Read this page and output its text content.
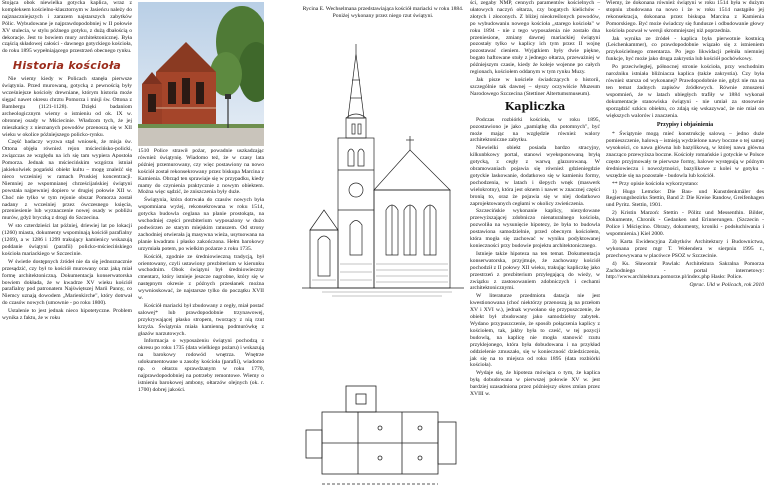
Stojąca obok niewielka gotycka kaplica, wraz z kompleksem kościelno-klasztornym w Jasieńcu należy do najznaczniejszych i zarazem najstarszych zabytków Pólic. Wybudowane je najprawdopodobniej w II połowie XV stulecia, w stylu późnego gotyku, z dużą dbałością o dekoracje. Jest to bowiem mury architektonicznej. Była cząścią składowej całości - dawnego gotyckiego kościoła, do roku 1895 wypełniającego przestrzeń obecnego rynku.

Historia kościoła

Nie wiemy kiedy w Policach stanęła pierwsze świątynia. Przed murowaną, gotycką z pewnością były wcześniejsze kościoły drewniane, którym historia może sięgać nawet okresu chrztu Pomorza i misji św. Ottona z Bambergu (1121-1128). Dzięki badaniom archeologicznym wiemy o istnieniu od ok. IX w. obronnej osady w Mściecinie. Władzom tych, że jej mieszkańcy z nieznanych powodów przenoszą się w XII wieku w okolice późniejszego policko-rynku.

Część badaczy wyzwa stąd wniosek, że misja św. Ottona objęła również rejon mściecińsko-policki, związczas ze względu na ich się tam wypiera Apostoła Pomorza. Jednak na mściecińskim wzgórzu istniał jakiekolwiek pogański obiekt kultu – mogę znaleźć się nieco wcześniej w ramach Pruskiej koncentracji. Niemniej ze wspomnianej chrześcijańskiej świątyni powstała najpewniej dopiero w drugiej połowie XII w. Choć nie tylko w tym rejonie obszar Pomorza został nadany z wcześniej przez ówczesnego księcia, przeniesienie lub wyznaczenie nowej osady w pobliżu murów, gdyż bryczką z drogi do Szczecina.

W sto czterdzieści lat później, driewiej lat po lokacji (1260) miasta, dokumenty wspominają kościół parafialny (1269), a w 1286 i 1299 trakujący kamienicy wskazują poddanie świątyni (parafii) policko-mściecińskiego kościoła mariackiego w Szczecinie.

W świetle dostępnych źródeł nie da się jednoznacznie przesądzić, czy był to kościół murowany oraz jaką miał formę architektoniczną. Dokumentacja konserwatorska bowiem dokłada, że w kwadrze XV wieku kościół parafialny pod patronatem Najświętszej Marii Panny, co Niemcy uznają dowodem „Marienkirche", który dotrwał do czasów nowych (umownie - po roku 1800).

Ustalenie to jest jednak nieco hipotetyczne. Problem wynika z faktu, że w roku

1510 Police strawił pożar, powadnie uszkadzając również świątynię. Wiadomo też, że w czasy lata później przemurowany, czy więc postawiony na nowo kościół został rekonsekrowany przez biskupa Marcina z Kamienia. Obrząd ten sprawiaje się w przypadku, kiedy mamy do czynienia praktycznie z nowym obiektem. Można więc sądzić, że zniszczenia były duże.

Świątynia, która dotrwała do czasów nowych była wspomniana wyżej, rekonsekrowana w roku 1514, gotycka budowla ceglana na planie prostokąta, na wschodniej części prezbiterium wyposażony w dużo podwórzen ze starym miejskim ratuszem. Od strony zachodniej otwierała ją masywna wieża, usytuowana na planie kwadratu i płasko zakończona. Hełm barokowy urzymiała potem, po wielkim pożarze z roku 1735.

Kościół, zgodnie ze średniowieczną tradycją, był orientowany, czyli ustawiony prezbiterium w kierunku wschodnim. Obok świątyni był średniowieczny cmentarz, który istnieje jeszcze nagrobne, który się w następnym okresie z późnych przesłanek można wywnioskować, że najstarsze tylko do początku XVII w.

Kościół mariacki był zbudowany z cegły, miał postać salowej* lub prawdopodobnie trzynawowej, przykrywającej płasko stropem, tworzący z nią rzut krzyża. Świątynia miała kamienną podmurówkę z głazów narzutowych.

Informacja o wyposażeniu świątyni pochodzą z okresu po roku 1735 (data wielkiego pożaru) i wskazują na barokowy rodowód wnętrza. Wnętrze udokumentowane u zasoby kościoła (parafii), wiadomo np. o ołtarzu sprawdzanym w roku 1770, najprawdopodobniej na potrzeby remontowe. Wiemy o istnieniu barokowej ambony, ołtarzów olejnych (ok. r. 1700) dobrej jakości.

Rycina E. Wechselmana przedstawiająca kościół mariacki w roku 1884. Poniżej wykonany przez niego rzut świątyni.

ści, zegaby NMP, cennych paramentów kościelnych – ułatowych naczyń ołtarza, czy bogatych kielichów - złotych i złoconych. Z bliżej nieokreślonych powodów, po wybudowaniu nowego kościoła „starego kościoła" w roku 1894 - nie z tego wyposażenia nie zostało dna przeniesione, zmiany dawnej mariackiej świątyni pozostały tylko w kaplicy ich tym przez II wojnę pozostawać cieniem. Wyjątkiem były dwie piękne, bogato haftowane stuły z jednego ołtarza, przeważniej w późniejszym czasie, kiedy że koleje wojenne po całych regionach, kościołem oddanym w tym rynku Muzy.

Jak pisze w kościele świadczących o historii, szczególnie tak dawnej – słyszy oczywiście Muzeum Narodowego Szczecina (Stettiner Altertumsmuseum).

Kapliczka

Podczas rozbiórki kościoła, w roku 1895, pozostawiono je jako „pamiątkę dla potomnych", być może mając na względzie również walory architektoniczne zabytku.

Niewielki obiekt posiada bardzo stracyjny, kilkunbkowy portal, stanowi wyeksponowaną bryłą gotycką, z cegły z warwą glazurowaną. W obramowaniach pojawia się również gdzieniegdzie gotyckie laskowanie, dodatkowo się w kamieniu formy, pochodzenia, w latach i ślepych wnęk (maswerk wielokrotny), która jest oknem i nawet w znacznej części bronią to, oraz że pojawia się w niej dodatkowo zaprojektowanych cegłami w okolicy zwieńczenia.

Szczecińskie wykonanie kaplicy, niezydowane przewyższającej zdobniczo nienaturalnego kościoła, pozwoliła na wysunięcie hipotezy, że była to budowla postawiona samodzielnie, przed obecnym kościołem, która mogła się zachować w wyniku podyktowanej konieczności przy budowie projektu architektonicznego.

Istnieje także hipoteza na ten temat. Dokumentacja konserwatorska, przyjmuje, że zachowany kościół pochodził z II połowy XII wieku, trakując kapliczkę jako przestrzeń z prezbiterium przylegającą do wieży, w związku z zastosowaniem zdobniczych i cechami architektonicznymi.

W literaturze przedmiotu datacja nie jest kwestionowana (choć niektórzy przenoszą ją na przełom XV i XVI w.), jednak wywołano się przypuszczenie, że obiekt był zbudowany jako samodzielny zabytek. Wydano przypuszczenie, że sposób połączenia kaplicy z kościołem, tak, jakby była to cześć, w tej pozycji budowlą, na kaplicę nie mogła stanowić rzutu przyklejonego, która była dobudowana i na przykład oddzielenie zmuszało, się w konieczność dziedziczenia, jak się na to miejsca od roku 1895 (data rozbiórki kościoła).

Wydaje się, że hipoteza mówiąca o tym, że kaplica byłą dobudowana w pierwszej połowie XV w. jest bardziej uzasadniona przez późniejszy okres zmian przez XVIII w.

Wiemy, że dokonana również świątyni w roku 1514 była w dużym stopniu zbudowana na nowo i że w roku 1514 nastąpiło jej rekonsekracja, dokonana przez biskupa Marcina z Kamienia Pomorskiego. Być może świadczy się fundusze i odbudowanie głowy kościoła pozwał w wersji skromniejszej niż poprzednia.

Jak wynika ze źródeł - kaplica była pierwotnie kostnicą (Leichenkammer), co prawdopodobnie wiązało się z istnieniem przykościelnego cmentarza. Po jego likwidacji pełniła niemniej funkcje, być może jako druga zakrystia lub kościół pochówkowy.

Po przeciwległej, północnej stronie kościoła, przy wschodnim narożniku istniała bliźniacza kaplica (także zakrystia). Czy była również starsza od wykonanej? Prawdopodobnie nie, gdyż nie ma na ten temat żadnych zapisów źródłowych. Równie zmuszeni wspomnień, że w latach ubiegłych trafiły w 1884 wykonał dokumentacje stanowiska świątyni - nie umiał za stosownie sporządzić szkicu obiektu, co zdają się wskazywać, że nie miał on większych walorów i znaczenia.

Przypisy i objaśnienia

* Świątynie mogą mieć konstrukcję salową – jedno duże pomieszczenie, halową – istnieją wydzielone nawy boczne o tej samej wysokości, co nawa główna lub bazylikową, w której nawa główna znacząco przewyższa boczne. Kościoły romańskie i gotyckie w Polsce często przyjmowały te pierwsze formy, halowe występują w późnym średniowieczu i nowożytności, bazylikowe z kolei w gotyku - wszędzie się na pozostałe - budowla lub kościół.

** Przy opisie kościoła wykorzystano:

1) Hugo Lemcke: Die Bau- und Kunstdenkmäler des Regierungsbezirks Stettin, Band 2: Die Kreise Randow, Greifenhagen und Pyritz. Stettin, 1901.

2) Kristin Marzoń: Stettin - Pölitz und Messenthin. Bilder, Dokumente, Chronik - Gedanken und Erinnerungen. (Szczecin - Police i Mścięcino. Obrazy, dokumenty, kroniki - podsłuchiwania i wspomnienia.) Kiel 2000.

3) Karta Ewidencyjna Zabytków Architektury i Budownictwa, wykonana przez mgr T. Wołendera w sierpniu 1995 r., przechowywana w placówce PSOZ w Szczecinie.

4) Ks. Sławomir Pawlak: Architektura Sakralna Pomorza Zachodniego - portal internetowy: http://www.architektura.pomorze.pl/index.php Hasło: Police.

Oprac. Ułd w Policach, rok 2010
